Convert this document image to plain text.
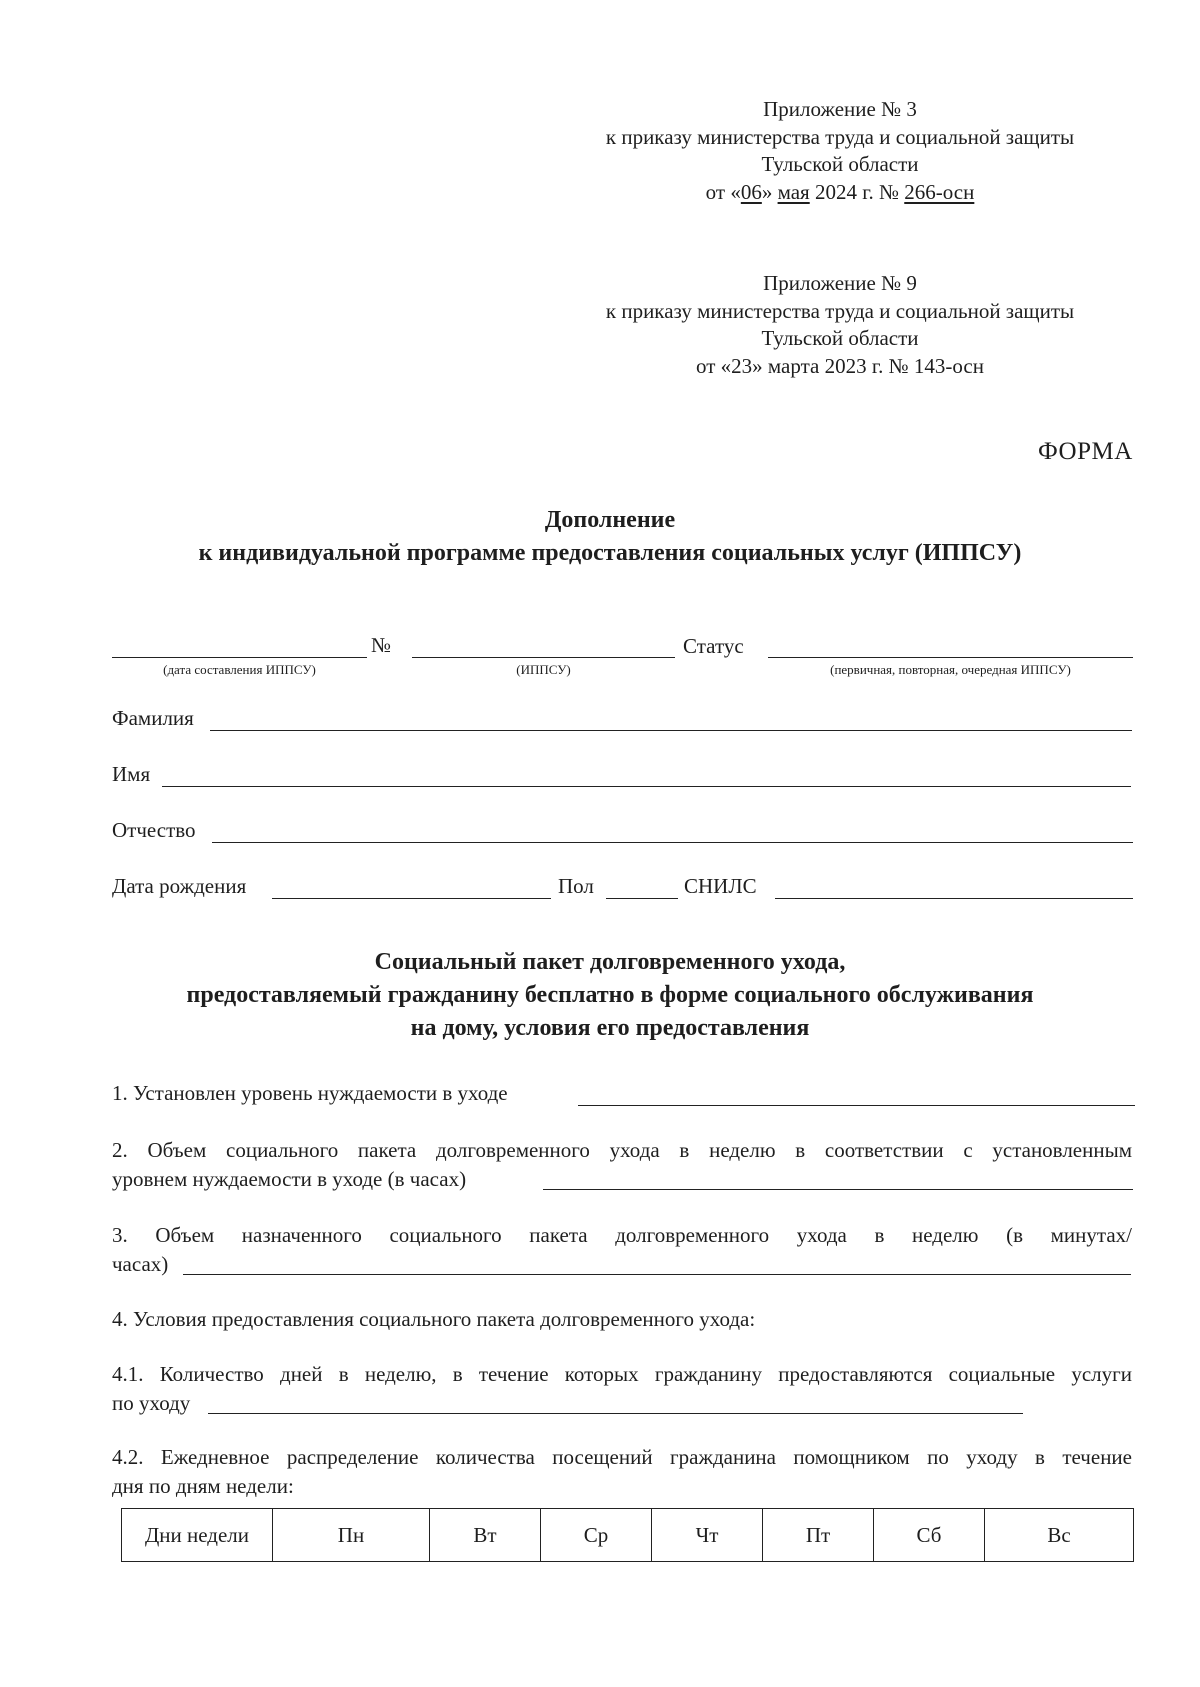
Приложение № 3
к приказу министерства труда и социальной защиты
Тульской области
от «06» мая 2024 г. № 266-осн
Приложение № 9
к приказу министерства труда и социальной защиты
Тульской области
от «23» марта 2023 г. № 143-осн
ФОРМА
Дополнение
к индивидуальной программе предоставления социальных услуг (ИППСУ)
№	Статус
(дата составления ИППСУ)	(ИППСУ)	(первичная, повторная, очередная ИППСУ)
Фамилия
Имя
Отчество
Дата рождения	Пол	СНИЛС
Социальный пакет долговременного ухода,
предоставляемый гражданину бесплатно в форме социального обслуживания
на дому, условия его предоставления
1. Установлен уровень нуждаемости в уходе
2. Объем социального пакета долговременного ухода в неделю в соответствии с установленным
уровнем нуждаемости в уходе (в часах)
3. Объем назначенного социального пакета долговременного ухода в неделю (в минутах/
часах)
4. Условия предоставления социального пакета долговременного ухода:
4.1. Количество дней в неделю, в течение которых гражданину предоставляются социальные услуги
по уходу
4.2. Ежедневное распределение количества посещений гражданина помощником по уходу в течение
дня по дням недели:
Дни недели	Пн	Вт	Ср	Чт	Пт	Сб	Вс
